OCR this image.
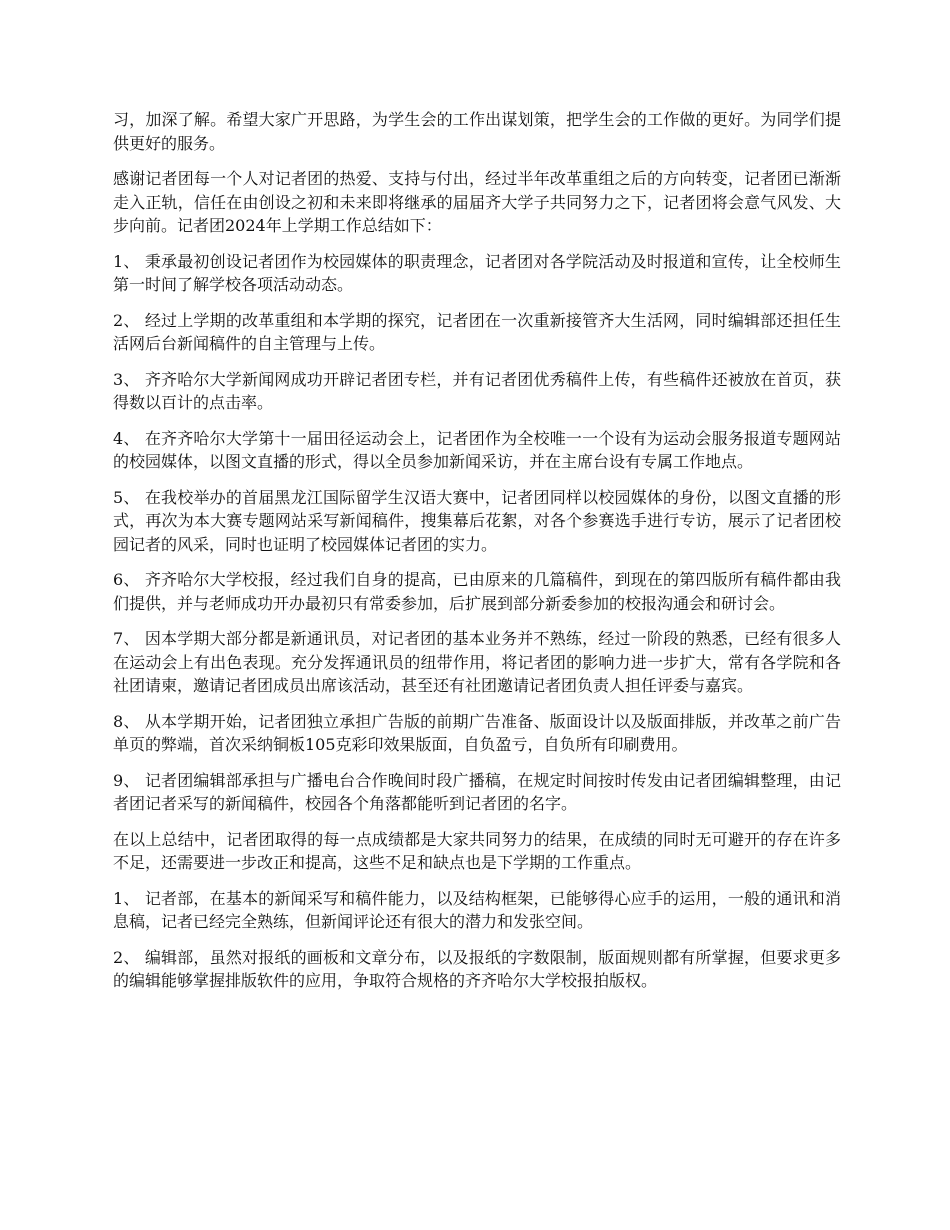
习，加深了解。希望大家广开思路，为学生会的工作出谋划策，把学生会的工作做的更好。为同学们提供更好的服务。

感谢记者团每一个人对记者团的热爱、支持与付出，经过半年改革重组之后的方向转变，记者团已渐渐走入正轨，信任在由创设之初和未来即将继承的届届齐大学子共同努力之下，记者团将会意气风发、大步向前。记者团2024年上学期工作总结如下：

1、 秉承最初创设记者团作为校园媒体的职责理念，记者团对各学院活动及时报道和宣传，让全校师生第一时间了解学校各项活动动态。

2、 经过上学期的改革重组和本学期的探究，记者团在一次重新接管齐大生活网，同时编辑部还担任生活网后台新闻稿件的自主管理与上传。

3、 齐齐哈尔大学新闻网成功开辟记者团专栏，并有记者团优秀稿件上传，有些稿件还被放在首页，获得数以百计的点击率。

4、 在齐齐哈尔大学第十一届田径运动会上，记者团作为全校唯一一个设有为运动会服务报道专题网站的校园媒体，以图文直播的形式，得以全员参加新闻采访，并在主席台设有专属工作地点。

5、 在我校举办的首届黑龙江国际留学生汉语大赛中，记者团同样以校园媒体的身份，以图文直播的形式，再次为本大赛专题网站采写新闻稿件，搜集幕后花絮，对各个参赛选手进行专访，展示了记者团校园记者的风采，同时也证明了校园媒体记者团的实力。

6、 齐齐哈尔大学校报，经过我们自身的提高，已由原来的几篇稿件，到现在的第四版所有稿件都由我们提供，并与老师成功开办最初只有常委参加，后扩展到部分新委参加的校报沟通会和研讨会。

7、 因本学期大部分都是新通讯员，对记者团的基本业务并不熟练，经过一阶段的熟悉，已经有很多人在运动会上有出色表现。充分发挥通讯员的纽带作用，将记者团的影响力进一步扩大，常有各学院和各社团请柬，邀请记者团成员出席该活动，甚至还有社团邀请记者团负责人担任评委与嘉宾。

8、 从本学期开始，记者团独立承担广告版的前期广告准备、版面设计以及版面排版，并改革之前广告单页的弊端，首次采纳铜板105克彩印效果版面，自负盈亏，自负所有印刷费用。

9、 记者团编辑部承担与广播电台合作晚间时段广播稿，在规定时间按时传发由记者团编辑整理，由记者团记者采写的新闻稿件，校园各个角落都能听到记者团的名字。

在以上总结中，记者团取得的每一点成绩都是大家共同努力的结果，在成绩的同时无可避开的存在许多不足，还需要进一步改正和提高，这些不足和缺点也是下学期的工作重点。

1、 记者部，在基本的新闻采写和稿件能力，以及结构框架，已能够得心应手的运用，一般的通讯和消息稿，记者已经完全熟练，但新闻评论还有很大的潜力和发张空间。

2、 编辑部，虽然对报纸的画板和文章分布，以及报纸的字数限制，版面规则都有所掌握，但要求更多的编辑能够掌握排版软件的应用，争取符合规格的齐齐哈尔大学校报拍版权。
